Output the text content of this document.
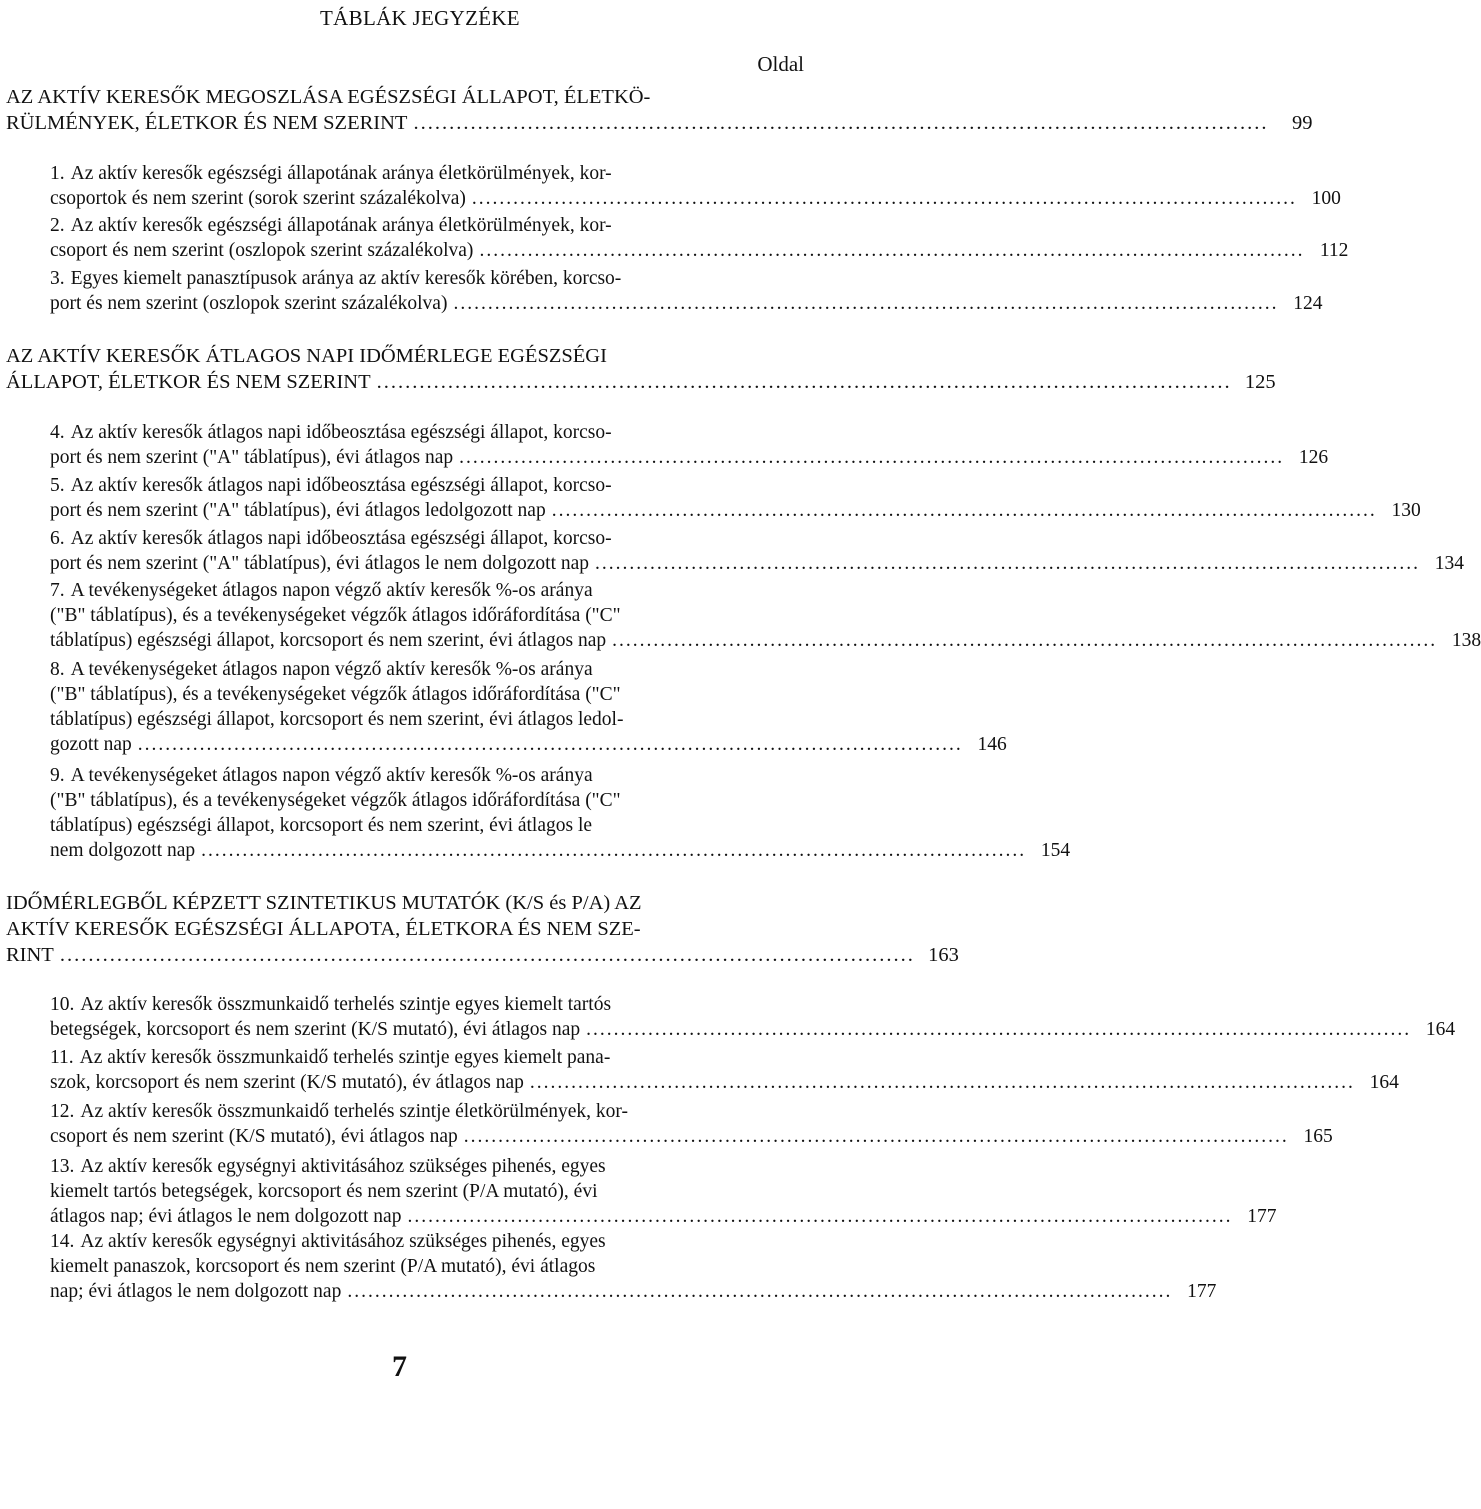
TÁBLÁK JEGYZÉKE
Oldal
AZ AKTÍV KERESŐK MEGOSZLÁSA EGÉSZSÉGI ÁLLAPOT, ÉLETKÖ-
RÜLMÉNYEK, ÉLETKOR ÉS NEM SZERINT ........................................................................................................................	99
1. Az aktív keresők egészségi állapotának aránya életkörülmények, kor-
csoportok és nem szerint (sorok szerint százalékolva) ........................................................................................................................ 100
2. Az aktív keresők egészségi állapotának aránya életkörülmények, kor-
csoport és nem szerint (oszlopok szerint százalékolva) ........................................................................................................................ 112
3. Egyes kiemelt panasztípusok aránya az aktív keresők körében, korcso-
port és nem szerint (oszlopok szerint százalékolva) ........................................................................................................................ 124
AZ AKTÍV KERESŐK ÁTLAGOS NAPI IDŐMÉRLEGE EGÉSZSÉGI
ÁLLAPOT, ÉLETKOR ÉS NEM SZERINT ........................................................................................................................ 125
4. Az aktív keresők átlagos napi időbeosztása egészségi állapot, korcso-
port és nem szerint ("A" táblatípus), évi átlagos nap ........................................................................................................................ 126
5. Az aktív keresők átlagos napi időbeosztása egészségi állapot, korcso-
port és nem szerint ("A" táblatípus), évi átlagos ledolgozott nap ........................................................................................................................ 130
6. Az aktív keresők átlagos napi időbeosztása egészségi állapot, korcso-
port és nem szerint ("A" táblatípus), évi átlagos le nem dolgozott nap ........................................................................................................................ 134
7. A tevékenységeket átlagos napon végző aktív keresők %-os aránya
("B" táblatípus), és a tevékenységeket végzők átlagos időráfordítása ("C"
táblatípus) egészségi állapot, korcsoport és nem szerint, évi átlagos nap ........................................................................................................................ 138
8. A tevékenységeket átlagos napon végző aktív keresők %-os aránya
("B" táblatípus), és a tevékenységeket végzők átlagos időráfordítása ("C"
táblatípus) egészségi állapot, korcsoport és nem szerint, évi átlagos ledol-
gozott nap ........................................................................................................................ 146
9. A tevékenységeket átlagos napon végző aktív keresők %-os aránya
("B" táblatípus), és a tevékenységeket végzők átlagos időráfordítása ("C"
táblatípus) egészségi állapot, korcsoport és nem szerint, évi átlagos le
nem dolgozott nap ........................................................................................................................ 154
IDŐMÉRLEGBŐL KÉPZETT SZINTETIKUS MUTATÓK (K/S és P/A) AZ
AKTÍV KERESŐK EGÉSZSÉGI ÁLLAPOTA, ÉLETKORA ÉS NEM SZE-
RINT ........................................................................................................................ 163
10. Az aktív keresők összmunkaidő terhelés szintje egyes kiemelt tartós
betegségek, korcsoport és nem szerint (K/S mutató), évi átlagos nap ........................................................................................................................ 164
11. Az aktív keresők összmunkaidő terhelés szintje egyes kiemelt pana-
szok, korcsoport és nem szerint (K/S mutató), év átlagos nap ........................................................................................................................ 164
12. Az aktív keresők összmunkaidő terhelés szintje életkörülmények, kor-
csoport és nem szerint (K/S mutató), évi átlagos nap ........................................................................................................................ 165
13. Az aktív keresők egységnyi aktivitásához szükséges pihenés, egyes
kiemelt tartós betegségek, korcsoport és nem szerint (P/A mutató), évi
átlagos nap; évi átlagos le nem dolgozott nap ........................................................................................................................ 177
14. Az aktív keresők egységnyi aktivitásához szükséges pihenés, egyes
kiemelt panaszok, korcsoport és nem szerint (P/A mutató), évi átlagos
nap; évi átlagos le nem dolgozott nap ........................................................................................................................ 177
7
